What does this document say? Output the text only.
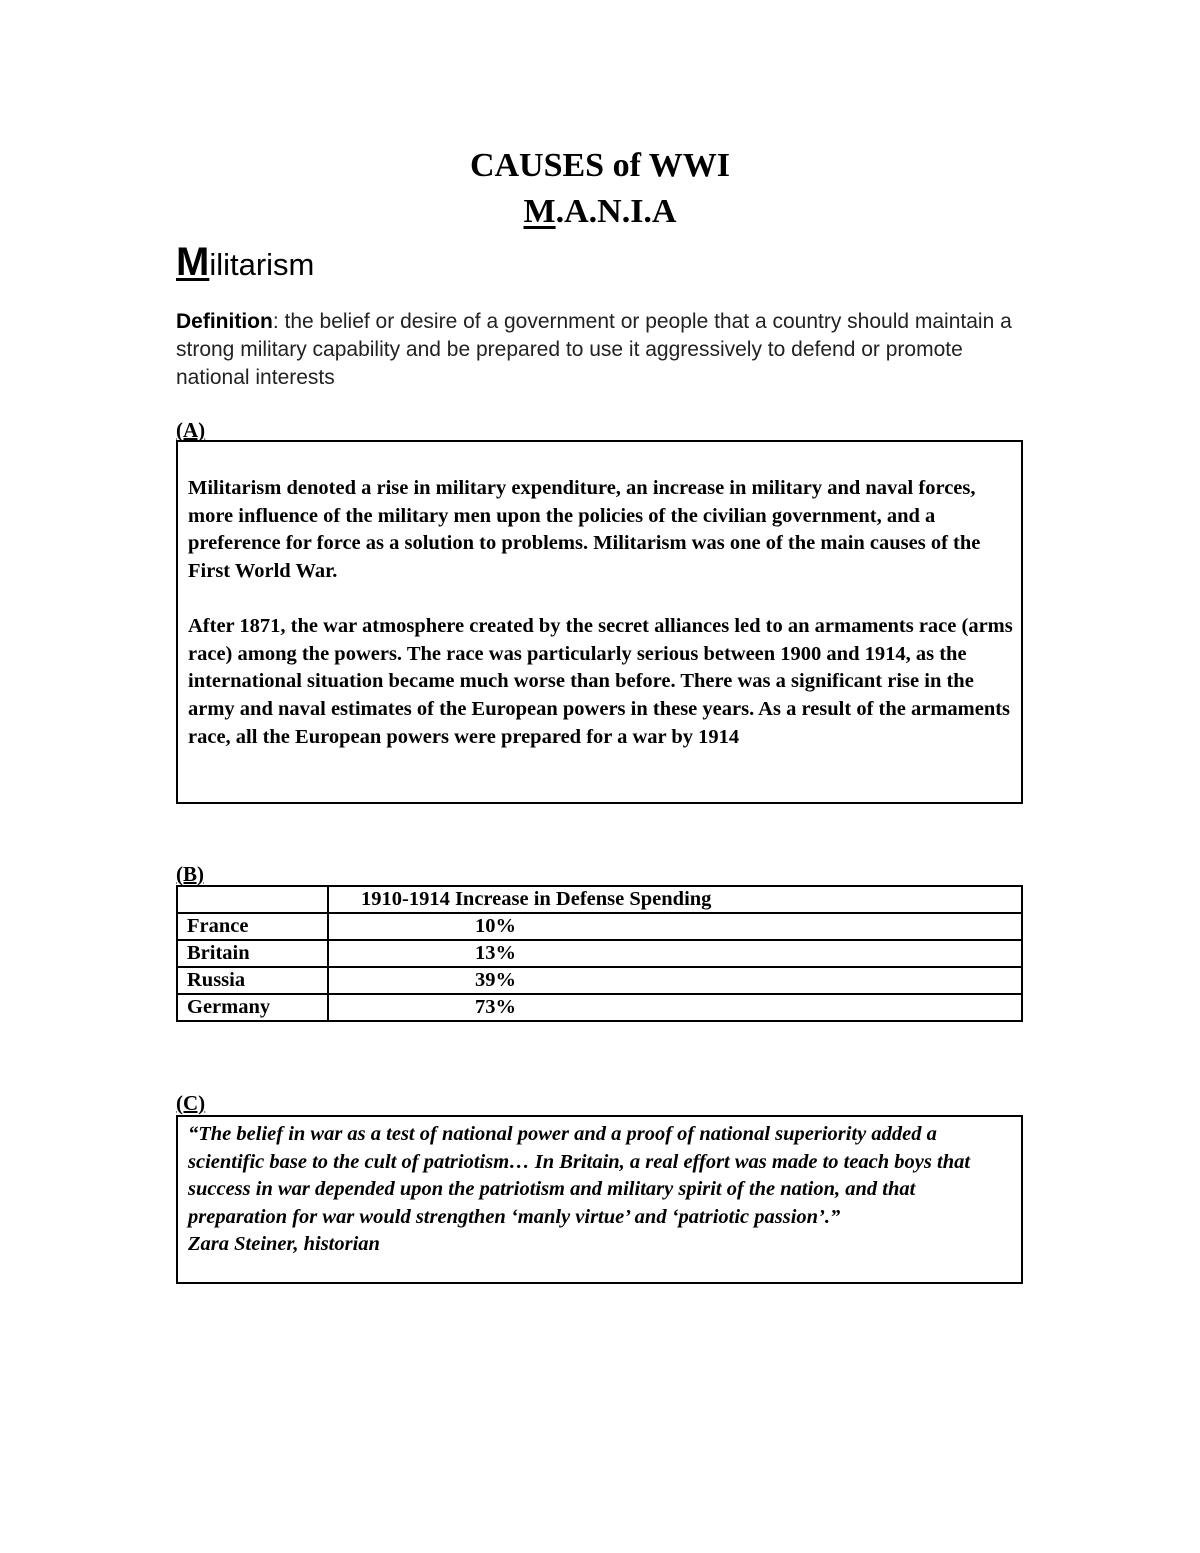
CAUSES of WWI
M.A.N.I.A
Militarism
Definition: the belief or desire of a government or people that a country should maintain a strong military capability and be prepared to use it aggressively to defend or promote national interests
(A)

Militarism denoted a rise in military expenditure, an increase in military and naval forces, more influence of the military men upon the policies of the civilian government, and a preference for force as a solution to problems. Militarism was one of the main causes of the First World War.

After 1871, the war atmosphere created by the secret alliances led to an armaments race (arms race) among the powers. The race was particularly serious between 1900 and 1914, as the international situation became much worse than before. There was a significant rise in the army and naval estimates of the European powers in these years. As a result of the armaments race, all the European powers were prepared for a war by 1914

(B)
	1910-1914 Increase in Defense Spending
France	10%
Britain	13%
Russia	39%
Germany	73%
(C)

“The belief in war as a test of national power and a proof of national superiority added a scientific base to the cult of patriotism… In Britain, a real effort was made to teach boys that success in war depended upon the patriotism and military spirit of the nation, and that preparation for war would strengthen ‘manly virtue’ and ‘patriotic passion’.”

Zara Steiner, historian
